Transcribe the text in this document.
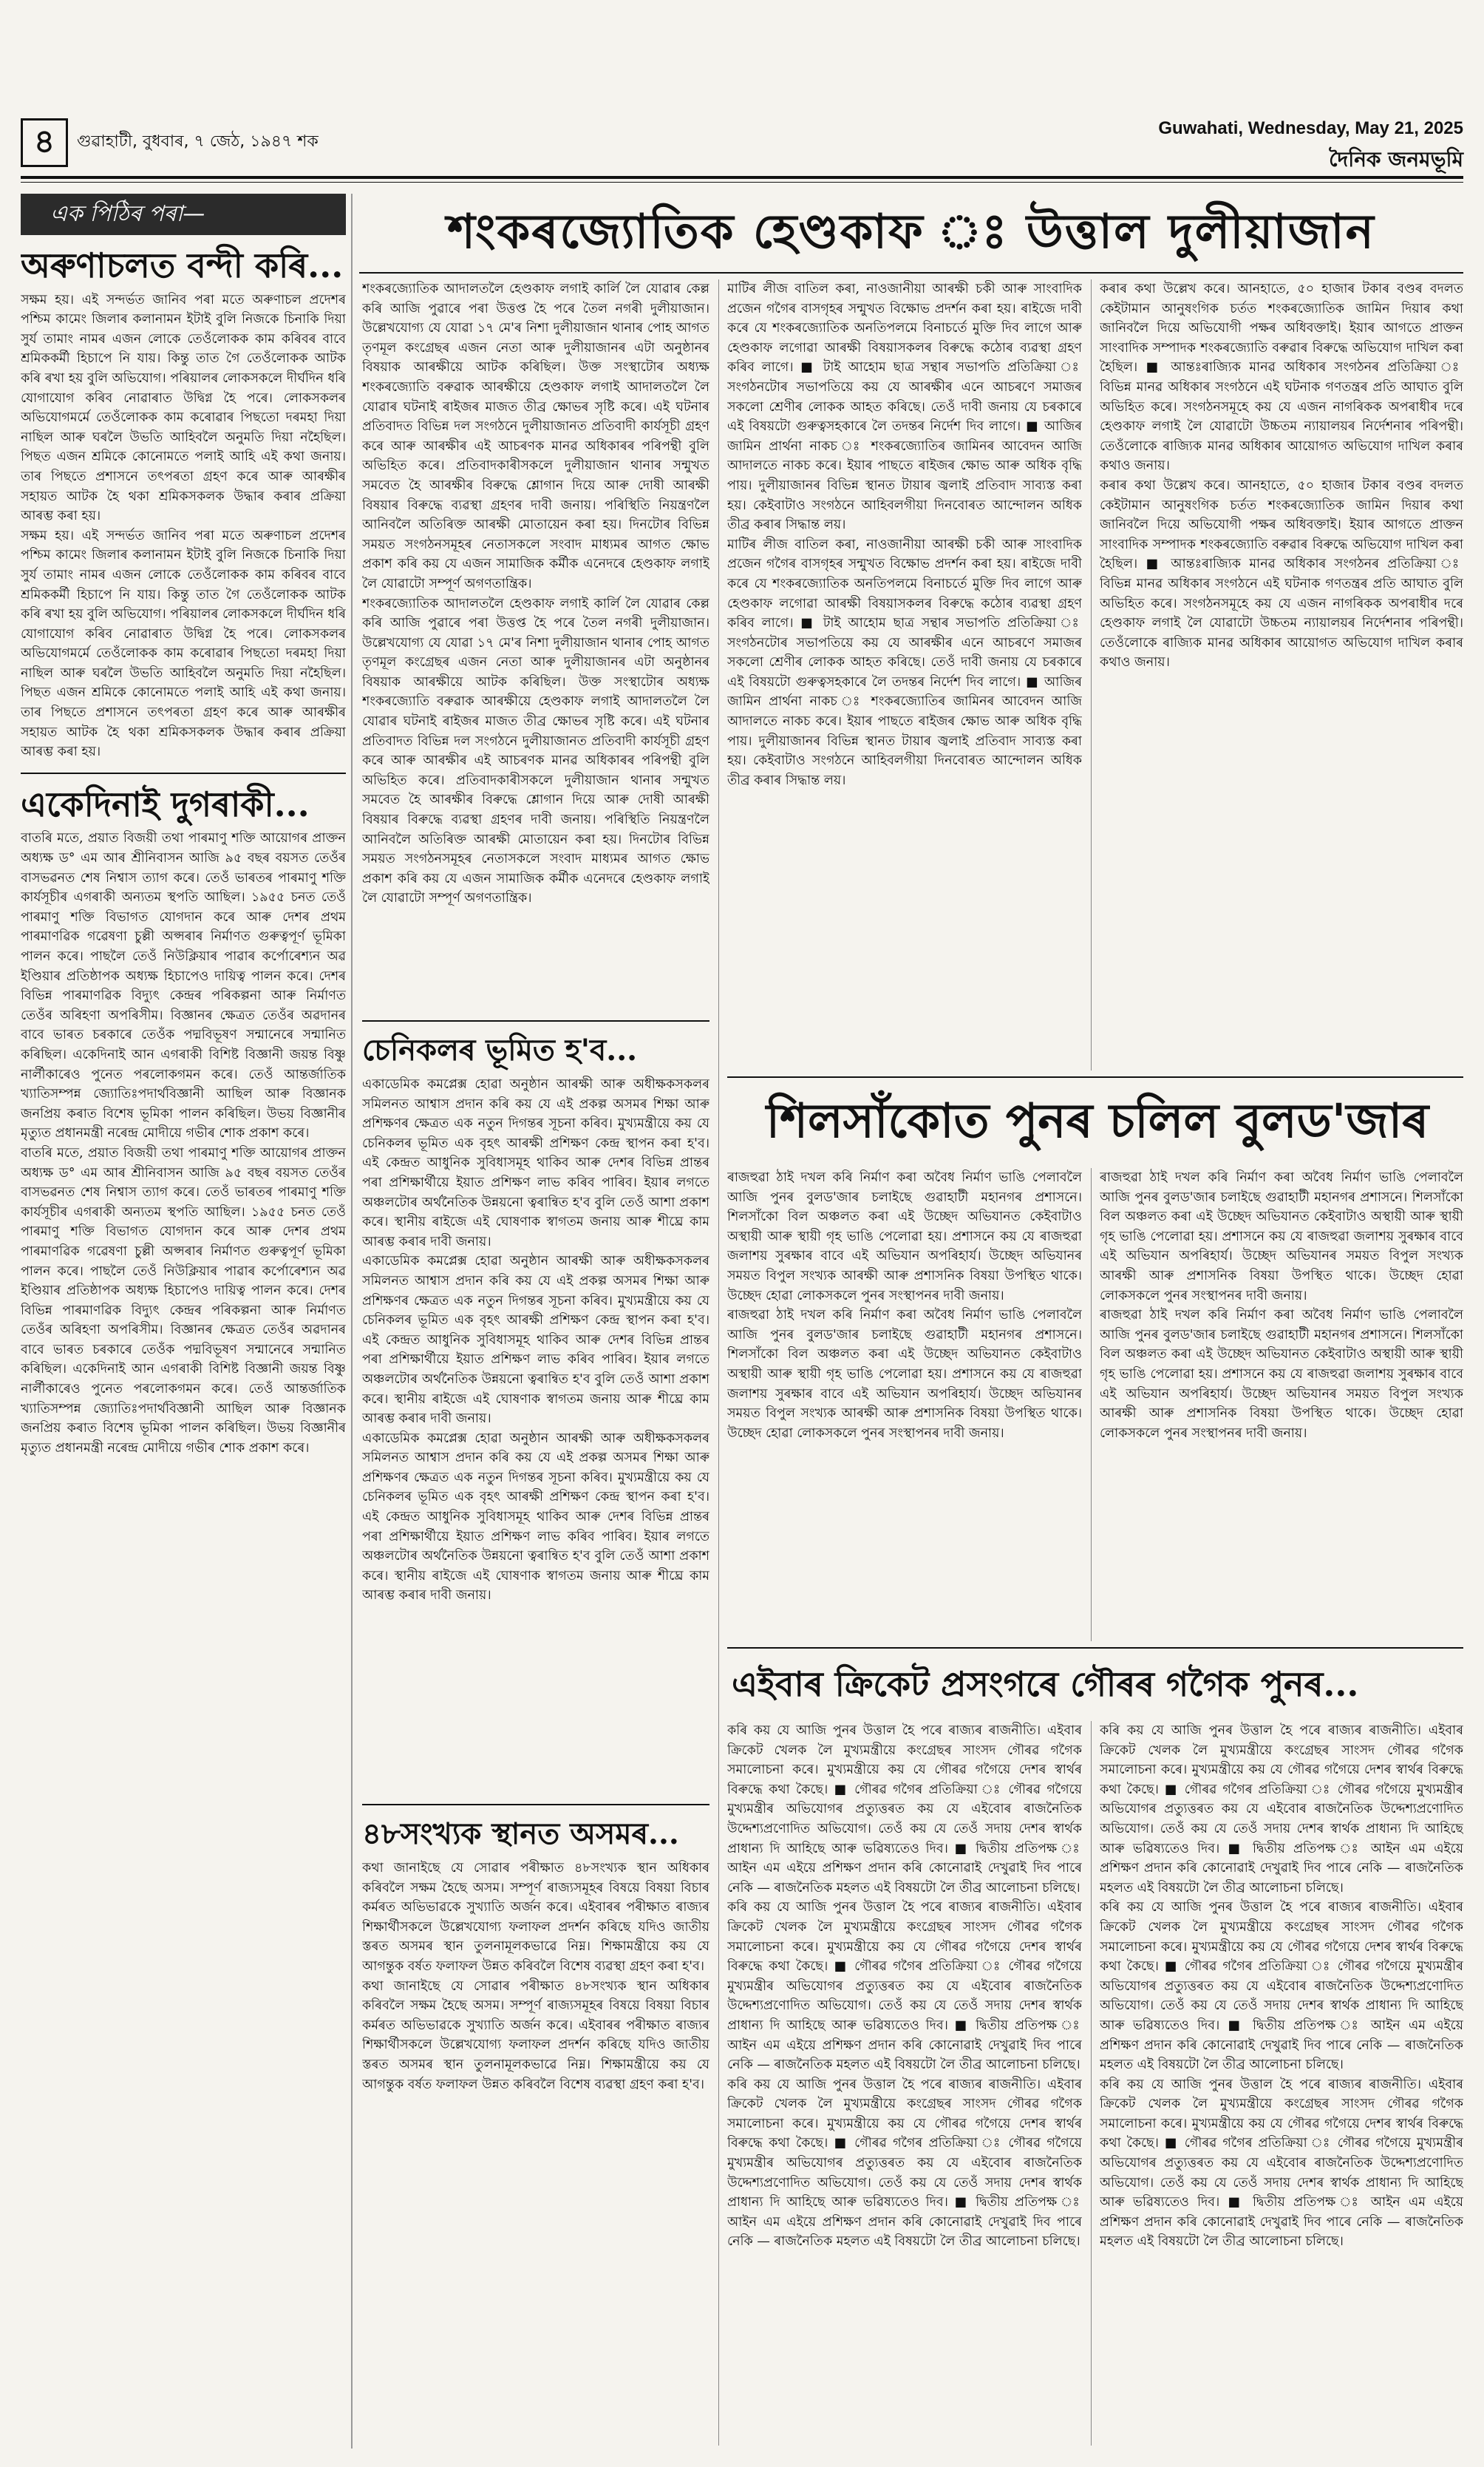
৪	গুৱাহাটী, বুধবাৰ, ৭ জেঠ, ১৯৪৭ শক
Guwahati, Wednesday, May 21, 2025
দৈনিক জনমভূমি
এক পিঠিৰ পৰা—
অৰুণাচলত বন্দী কৰি...

সক্ষম হয়। এই সন্দৰ্ভত জানিব পৰা মতে অৰুণাচল প্ৰদেশৰ পশ্চিম কামেং জিলাৰ কলানামন ইটাই বুলি নিজকে চিনাকি দিয়া সুৰ্য তামাং নামৰ এজন লোকে তেওঁলোকক কাম কৰিবৰ বাবে শ্ৰমিককৰ্মী হিচাপে নি যায়। কিন্তু তাত গৈ তেওঁলোকক আটক কৰি ৰখা হয় বুলি অভিযোগ। পৰিয়ালৰ লোকসকলে দীৰ্ঘদিন ধৰি যোগাযোগ কৰিব নোৱাৰাত উদ্বিগ্ন হৈ পৰে। লোকসকলৰ অভিযোগমৰ্মে তেওঁলোকক কাম কৰোৱাৰ পিছতো দৰমহা দিয়া নাছিল আৰু ঘৰলৈ উভতি আহিবলৈ অনুমতি দিয়া নহৈছিল। পিছত এজন শ্ৰমিকে কোনোমতে পলাই আহি এই কথা জনায়। তাৰ পিছতে প্ৰশাসনে তৎপৰতা গ্ৰহণ কৰে আৰু আৰক্ষীৰ সহায়ত আটক হৈ থকা শ্ৰমিকসকলক উদ্ধাৰ কৰাৰ প্ৰক্ৰিয়া আৰম্ভ কৰা হয়।

সক্ষম হয়। এই সন্দৰ্ভত জানিব পৰা মতে অৰুণাচল প্ৰদেশৰ পশ্চিম কামেং জিলাৰ কলানামন ইটাই বুলি নিজকে চিনাকি দিয়া সুৰ্য তামাং নামৰ এজন লোকে তেওঁলোকক কাম কৰিবৰ বাবে শ্ৰমিককৰ্মী হিচাপে নি যায়। কিন্তু তাত গৈ তেওঁলোকক আটক কৰি ৰখা হয় বুলি অভিযোগ। পৰিয়ালৰ লোকসকলে দীৰ্ঘদিন ধৰি যোগাযোগ কৰিব নোৱাৰাত উদ্বিগ্ন হৈ পৰে। লোকসকলৰ অভিযোগমৰ্মে তেওঁলোকক কাম কৰোৱাৰ পিছতো দৰমহা দিয়া নাছিল আৰু ঘৰলৈ উভতি আহিবলৈ অনুমতি দিয়া নহৈছিল। পিছত এজন শ্ৰমিকে কোনোমতে পলাই আহি এই কথা জনায়। তাৰ পিছতে প্ৰশাসনে তৎপৰতা গ্ৰহণ কৰে আৰু আৰক্ষীৰ সহায়ত আটক হৈ থকা শ্ৰমিকসকলক উদ্ধাৰ কৰাৰ প্ৰক্ৰিয়া আৰম্ভ কৰা হয়।

একেদিনাই দুগৰাকী...

বাতৰি মতে, প্ৰয়াত বিজয়ী তথা পাৰমাণু শক্তি আয়োগৰ প্ৰাক্তন অধ্যক্ষ ড° এম আৰ শ্ৰীনিবাসন আজি ৯৫ বছৰ বয়সত তেওঁৰ বাসভৱনত শেষ নিশ্বাস ত্যাগ কৰে। তেওঁ ভাৰতৰ পাৰমাণু শক্তি কাৰ্যসূচীৰ এগৰাকী অন্যতম স্থপতি আছিল। ১৯৫৫ চনত তেওঁ পাৰমাণু শক্তি বিভাগত যোগদান কৰে আৰু দেশৰ প্ৰথম পাৰমাণৱিক গৱেষণা চুল্লী অপ্সৰাৰ নিৰ্মাণত গুৰুত্বপূৰ্ণ ভূমিকা পালন কৰে। পাছলৈ তেওঁ নিউক্লিয়াৰ পাৱাৰ কৰ্পোৰেশ্যন অৱ ইণ্ডিয়াৰ প্ৰতিষ্ঠাপক অধ্যক্ষ হিচাপেও দায়িত্ব পালন কৰে। দেশৰ বিভিন্ন পাৰমাণৱিক বিদ্যুৎ কেন্দ্ৰৰ পৰিকল্পনা আৰু নিৰ্মাণত তেওঁৰ অৰিহণা অপৰিসীম। বিজ্ঞানৰ ক্ষেত্ৰত তেওঁৰ অৱদানৰ বাবে ভাৰত চৰকাৰে তেওঁক পদ্মবিভূষণ সন্মানেৰে সন্মানিত কৰিছিল। একেদিনাই আন এগৰাকী বিশিষ্ট বিজ্ঞানী জয়ন্ত বিষ্ণু নাৰ্লীকাৰেও পুনেত পৰলোকগমন কৰে। তেওঁ আন্তৰ্জাতিক খ্যাতিসম্পন্ন জ্যোতিঃপদাৰ্থবিজ্ঞানী আছিল আৰু বিজ্ঞানক জনপ্ৰিয় কৰাত বিশেষ ভূমিকা পালন কৰিছিল। উভয় বিজ্ঞানীৰ মৃত্যুত প্ৰধানমন্ত্ৰী নৰেন্দ্ৰ মোদীয়ে গভীৰ শোক প্ৰকাশ কৰে।

বাতৰি মতে, প্ৰয়াত বিজয়ী তথা পাৰমাণু শক্তি আয়োগৰ প্ৰাক্তন অধ্যক্ষ ড° এম আৰ শ্ৰীনিবাসন আজি ৯৫ বছৰ বয়সত তেওঁৰ বাসভৱনত শেষ নিশ্বাস ত্যাগ কৰে। তেওঁ ভাৰতৰ পাৰমাণু শক্তি কাৰ্যসূচীৰ এগৰাকী অন্যতম স্থপতি আছিল। ১৯৫৫ চনত তেওঁ পাৰমাণু শক্তি বিভাগত যোগদান কৰে আৰু দেশৰ প্ৰথম পাৰমাণৱিক গৱেষণা চুল্লী অপ্সৰাৰ নিৰ্মাণত গুৰুত্বপূৰ্ণ ভূমিকা পালন কৰে। পাছলৈ তেওঁ নিউক্লিয়াৰ পাৱাৰ কৰ্পোৰেশ্যন অৱ ইণ্ডিয়াৰ প্ৰতিষ্ঠাপক অধ্যক্ষ হিচাপেও দায়িত্ব পালন কৰে। দেশৰ বিভিন্ন পাৰমাণৱিক বিদ্যুৎ কেন্দ্ৰৰ পৰিকল্পনা আৰু নিৰ্মাণত তেওঁৰ অৰিহণা অপৰিসীম। বিজ্ঞানৰ ক্ষেত্ৰত তেওঁৰ অৱদানৰ বাবে ভাৰত চৰকাৰে তেওঁক পদ্মবিভূষণ সন্মানেৰে সন্মানিত কৰিছিল। একেদিনাই আন এগৰাকী বিশিষ্ট বিজ্ঞানী জয়ন্ত বিষ্ণু নাৰ্লীকাৰেও পুনেত পৰলোকগমন কৰে। তেওঁ আন্তৰ্জাতিক খ্যাতিসম্পন্ন জ্যোতিঃপদাৰ্থবিজ্ঞানী আছিল আৰু বিজ্ঞানক জনপ্ৰিয় কৰাত বিশেষ ভূমিকা পালন কৰিছিল। উভয় বিজ্ঞানীৰ মৃত্যুত প্ৰধানমন্ত্ৰী নৰেন্দ্ৰ মোদীয়ে গভীৰ শোক প্ৰকাশ কৰে।

শংকৰজ্যোতিক হেণ্ডকাফ ঃ উত্তাল দুলীয়াজান

শংকৰজ্যোতিক আদালতলৈ হেণ্ডকাফ লগাই কাৰ্লি লৈ যোৱাৰ কেল্ল কৰি আজি পুৱাৰে পৰা উত্তপ্ত হৈ পৰে তৈল নগৰী দুলীয়াজান। উল্লেখযোগ্য যে যোৱা ১৭ মে'ৰ নিশা দুলীয়াজান থানাৰ পোহ আগত তৃণমূল কংগ্ৰেছৰ এজন নেতা আৰু দুলীয়াজানৰ এটা অনুষ্ঠানৰ বিষয়াক আৰক্ষীয়ে আটক কৰিছিল। উক্ত সংস্থাটোৰ অধ্যক্ষ শংকৰজ্যোতি বৰুৱাক আৰক্ষীয়ে হেণ্ডকাফ লগাই আদালতলৈ লৈ যোৱাৰ ঘটনাই ৰাইজৰ মাজত তীব্ৰ ক্ষোভৰ সৃষ্টি কৰে। এই ঘটনাৰ প্ৰতিবাদত বিভিন্ন দল সংগঠনে দুলীয়াজানত প্ৰতিবাদী কাৰ্যসূচী গ্ৰহণ কৰে আৰু আৰক্ষীৰ এই আচৰণক মানৱ অধিকাৰৰ পৰিপন্থী বুলি অভিহিত কৰে। প্ৰতিবাদকাৰীসকলে দুলীয়াজান থানাৰ সন্মুখত সমবেত হৈ আৰক্ষীৰ বিৰুদ্ধে শ্লোগান দিয়ে আৰু দোষী আৰক্ষী বিষয়াৰ বিৰুদ্ধে ব্যৱস্থা গ্ৰহণৰ দাবী জনায়। পৰিস্থিতি নিয়ন্ত্ৰণলৈ আনিবলৈ অতিৰিক্ত আৰক্ষী মোতায়েন কৰা হয়। দিনটোৰ বিভিন্ন সময়ত সংগঠনসমূহৰ নেতাসকলে সংবাদ মাধ্যমৰ আগত ক্ষোভ প্ৰকাশ কৰি কয় যে এজন সামাজিক কৰ্মীক এনেদৰে হেণ্ডকাফ লগাই লৈ যোৱাটো সম্পূৰ্ণ অগণতান্ত্ৰিক।

শংকৰজ্যোতিক আদালতলৈ হেণ্ডকাফ লগাই কাৰ্লি লৈ যোৱাৰ কেল্ল কৰি আজি পুৱাৰে পৰা উত্তপ্ত হৈ পৰে তৈল নগৰী দুলীয়াজান। উল্লেখযোগ্য যে যোৱা ১৭ মে'ৰ নিশা দুলীয়াজান থানাৰ পোহ আগত তৃণমূল কংগ্ৰেছৰ এজন নেতা আৰু দুলীয়াজানৰ এটা অনুষ্ঠানৰ বিষয়াক আৰক্ষীয়ে আটক কৰিছিল। উক্ত সংস্থাটোৰ অধ্যক্ষ শংকৰজ্যোতি বৰুৱাক আৰক্ষীয়ে হেণ্ডকাফ লগাই আদালতলৈ লৈ যোৱাৰ ঘটনাই ৰাইজৰ মাজত তীব্ৰ ক্ষোভৰ সৃষ্টি কৰে। এই ঘটনাৰ প্ৰতিবাদত বিভিন্ন দল সংগঠনে দুলীয়াজানত প্ৰতিবাদী কাৰ্যসূচী গ্ৰহণ কৰে আৰু আৰক্ষীৰ এই আচৰণক মানৱ অধিকাৰৰ পৰিপন্থী বুলি অভিহিত কৰে। প্ৰতিবাদকাৰীসকলে দুলীয়াজান থানাৰ সন্মুখত সমবেত হৈ আৰক্ষীৰ বিৰুদ্ধে শ্লোগান দিয়ে আৰু দোষী আৰক্ষী বিষয়াৰ বিৰুদ্ধে ব্যৱস্থা গ্ৰহণৰ দাবী জনায়। পৰিস্থিতি নিয়ন্ত্ৰণলৈ আনিবলৈ অতিৰিক্ত আৰক্ষী মোতায়েন কৰা হয়। দিনটোৰ বিভিন্ন সময়ত সংগঠনসমূহৰ নেতাসকলে সংবাদ মাধ্যমৰ আগত ক্ষোভ প্ৰকাশ কৰি কয় যে এজন সামাজিক কৰ্মীক এনেদৰে হেণ্ডকাফ লগাই লৈ যোৱাটো সম্পূৰ্ণ অগণতান্ত্ৰিক।

মাটিৰ লীজ বাতিল কৰা, নাওজানীয়া আৰক্ষী চকী আৰু সাংবাদিক প্ৰজেন গগৈৰ বাসগৃহৰ সন্মুখত বিক্ষোভ প্ৰদৰ্শন কৰা হয়। ৰাইজে দাবী কৰে যে শংকৰজ্যোতিক অনতিপলমে বিনাচৰ্তে মুক্তি দিব লাগে আৰু হেণ্ডকাফ লগোৱা আৰক্ষী বিষয়াসকলৰ বিৰুদ্ধে কঠোৰ ব্যৱস্থা গ্ৰহণ কৰিব লাগে। ■ টাই আহোম ছাত্ৰ সন্থাৰ সভাপতি প্ৰতিক্ৰিয়া ঃ সংগঠনটোৰ সভাপতিয়ে কয় যে আৰক্ষীৰ এনে আচৰণে সমাজৰ সকলো শ্ৰেণীৰ লোকক আহত কৰিছে। তেওঁ দাবী জনায় যে চৰকাৰে এই বিষয়টো গুৰুত্বসহকাৰে লৈ তদন্তৰ নিৰ্দেশ দিব লাগে। ■ আজিৰ জামিন প্ৰাৰ্থনা নাকচ ঃ শংকৰজ্যোতিৰ জামিনৰ আবেদন আজি আদালতে নাকচ কৰে। ইয়াৰ পাছতে ৰাইজৰ ক্ষোভ আৰু অধিক বৃদ্ধি পায়। দুলীয়াজানৰ বিভিন্ন স্থানত টায়াৰ জ্বলাই প্ৰতিবাদ সাব্যস্ত কৰা হয়। কেইবাটাও সংগঠনে আহিবলগীয়া দিনবোৰত আন্দোলন অধিক তীব্ৰ কৰাৰ সিদ্ধান্ত লয়।

মাটিৰ লীজ বাতিল কৰা, নাওজানীয়া আৰক্ষী চকী আৰু সাংবাদিক প্ৰজেন গগৈৰ বাসগৃহৰ সন্মুখত বিক্ষোভ প্ৰদৰ্শন কৰা হয়। ৰাইজে দাবী কৰে যে শংকৰজ্যোতিক অনতিপলমে বিনাচৰ্তে মুক্তি দিব লাগে আৰু হেণ্ডকাফ লগোৱা আৰক্ষী বিষয়াসকলৰ বিৰুদ্ধে কঠোৰ ব্যৱস্থা গ্ৰহণ কৰিব লাগে। ■ টাই আহোম ছাত্ৰ সন্থাৰ সভাপতি প্ৰতিক্ৰিয়া ঃ সংগঠনটোৰ সভাপতিয়ে কয় যে আৰক্ষীৰ এনে আচৰণে সমাজৰ সকলো শ্ৰেণীৰ লোকক আহত কৰিছে। তেওঁ দাবী জনায় যে চৰকাৰে এই বিষয়টো গুৰুত্বসহকাৰে লৈ তদন্তৰ নিৰ্দেশ দিব লাগে। ■ আজিৰ জামিন প্ৰাৰ্থনা নাকচ ঃ শংকৰজ্যোতিৰ জামিনৰ আবেদন আজি আদালতে নাকচ কৰে। ইয়াৰ পাছতে ৰাইজৰ ক্ষোভ আৰু অধিক বৃদ্ধি পায়। দুলীয়াজানৰ বিভিন্ন স্থানত টায়াৰ জ্বলাই প্ৰতিবাদ সাব্যস্ত কৰা হয়। কেইবাটাও সংগঠনে আহিবলগীয়া দিনবোৰত আন্দোলন অধিক তীব্ৰ কৰাৰ সিদ্ধান্ত লয়।

কৰাৰ কথা উল্লেখ কৰে। আনহাতে, ৫০ হাজাৰ টকাৰ বণ্ডৰ বদলত কেইটামান আনুষংগিক চৰ্তত শংকৰজ্যোতিক জামিন দিয়াৰ কথা জানিবলৈ দিয়ে অভিযোগী পক্ষৰ অধিবক্তাই। ইয়াৰ আগতে প্ৰাক্তন সাংবাদিক সম্পাদক শংকৰজ্যোতি বৰুৱাৰ বিৰুদ্ধে অভিযোগ দাখিল কৰা হৈছিল। ■ আন্তঃৰাজ্যিক মানৱ অধিকাৰ সংগঠনৰ প্ৰতিক্ৰিয়া ঃ বিভিন্ন মানৱ অধিকাৰ সংগঠনে এই ঘটনাক গণতন্ত্ৰৰ প্ৰতি আঘাত বুলি অভিহিত কৰে। সংগঠনসমূহে কয় যে এজন নাগৰিকক অপৰাধীৰ দৰে হেণ্ডকাফ লগাই লৈ যোৱাটো উচ্চতম ন্যায়ালয়ৰ নিৰ্দেশনাৰ পৰিপন্থী। তেওঁলোকে ৰাজ্যিক মানৱ অধিকাৰ আয়োগত অভিযোগ দাখিল কৰাৰ কথাও জনায়।

কৰাৰ কথা উল্লেখ কৰে। আনহাতে, ৫০ হাজাৰ টকাৰ বণ্ডৰ বদলত কেইটামান আনুষংগিক চৰ্তত শংকৰজ্যোতিক জামিন দিয়াৰ কথা জানিবলৈ দিয়ে অভিযোগী পক্ষৰ অধিবক্তাই। ইয়াৰ আগতে প্ৰাক্তন সাংবাদিক সম্পাদক শংকৰজ্যোতি বৰুৱাৰ বিৰুদ্ধে অভিযোগ দাখিল কৰা হৈছিল। ■ আন্তঃৰাজ্যিক মানৱ অধিকাৰ সংগঠনৰ প্ৰতিক্ৰিয়া ঃ বিভিন্ন মানৱ অধিকাৰ সংগঠনে এই ঘটনাক গণতন্ত্ৰৰ প্ৰতি আঘাত বুলি অভিহিত কৰে। সংগঠনসমূহে কয় যে এজন নাগৰিকক অপৰাধীৰ দৰে হেণ্ডকাফ লগাই লৈ যোৱাটো উচ্চতম ন্যায়ালয়ৰ নিৰ্দেশনাৰ পৰিপন্থী। তেওঁলোকে ৰাজ্যিক মানৱ অধিকাৰ আয়োগত অভিযোগ দাখিল কৰাৰ কথাও জনায়।

চেনিকলৰ ভূমিত হ'ব...

একাডেমিক কমপ্লেক্স হোৱা অনুষ্ঠান আৰক্ষী আৰু অধীক্ষকসকলৰ সমিলনত আশ্বাস প্ৰদান কৰি কয় যে এই প্ৰকল্প অসমৰ শিক্ষা আৰু প্ৰশিক্ষণৰ ক্ষেত্ৰত এক নতুন দিগন্তৰ সূচনা কৰিব। মুখ্যমন্ত্ৰীয়ে কয় যে চেনিকলৰ ভূমিত এক বৃহৎ আৰক্ষী প্ৰশিক্ষণ কেন্দ্ৰ স্থাপন কৰা হ'ব। এই কেন্দ্ৰত আধুনিক সুবিধাসমূহ থাকিব আৰু দেশৰ বিভিন্ন প্ৰান্তৰ পৰা প্ৰশিক্ষাৰ্থীয়ে ইয়াত প্ৰশিক্ষণ লাভ কৰিব পাৰিব। ইয়াৰ লগতে অঞ্চলটোৰ অৰ্থনৈতিক উন্নয়নো ত্বৰান্বিত হ'ব বুলি তেওঁ আশা প্ৰকাশ কৰে। স্থানীয় ৰাইজে এই ঘোষণাক স্বাগতম জনায় আৰু শীঘ্ৰে কাম আৰম্ভ কৰাৰ দাবী জনায়।

একাডেমিক কমপ্লেক্স হোৱা অনুষ্ঠান আৰক্ষী আৰু অধীক্ষকসকলৰ সমিলনত আশ্বাস প্ৰদান কৰি কয় যে এই প্ৰকল্প অসমৰ শিক্ষা আৰু প্ৰশিক্ষণৰ ক্ষেত্ৰত এক নতুন দিগন্তৰ সূচনা কৰিব। মুখ্যমন্ত্ৰীয়ে কয় যে চেনিকলৰ ভূমিত এক বৃহৎ আৰক্ষী প্ৰশিক্ষণ কেন্দ্ৰ স্থাপন কৰা হ'ব। এই কেন্দ্ৰত আধুনিক সুবিধাসমূহ থাকিব আৰু দেশৰ বিভিন্ন প্ৰান্তৰ পৰা প্ৰশিক্ষাৰ্থীয়ে ইয়াত প্ৰশিক্ষণ লাভ কৰিব পাৰিব। ইয়াৰ লগতে অঞ্চলটোৰ অৰ্থনৈতিক উন্নয়নো ত্বৰান্বিত হ'ব বুলি তেওঁ আশা প্ৰকাশ কৰে। স্থানীয় ৰাইজে এই ঘোষণাক স্বাগতম জনায় আৰু শীঘ্ৰে কাম আৰম্ভ কৰাৰ দাবী জনায়।

একাডেমিক কমপ্লেক্স হোৱা অনুষ্ঠান আৰক্ষী আৰু অধীক্ষকসকলৰ সমিলনত আশ্বাস প্ৰদান কৰি কয় যে এই প্ৰকল্প অসমৰ শিক্ষা আৰু প্ৰশিক্ষণৰ ক্ষেত্ৰত এক নতুন দিগন্তৰ সূচনা কৰিব। মুখ্যমন্ত্ৰীয়ে কয় যে চেনিকলৰ ভূমিত এক বৃহৎ আৰক্ষী প্ৰশিক্ষণ কেন্দ্ৰ স্থাপন কৰা হ'ব। এই কেন্দ্ৰত আধুনিক সুবিধাসমূহ থাকিব আৰু দেশৰ বিভিন্ন প্ৰান্তৰ পৰা প্ৰশিক্ষাৰ্থীয়ে ইয়াত প্ৰশিক্ষণ লাভ কৰিব পাৰিব। ইয়াৰ লগতে অঞ্চলটোৰ অৰ্থনৈতিক উন্নয়নো ত্বৰান্বিত হ'ব বুলি তেওঁ আশা প্ৰকাশ কৰে। স্থানীয় ৰাইজে এই ঘোষণাক স্বাগতম জনায় আৰু শীঘ্ৰে কাম আৰম্ভ কৰাৰ দাবী জনায়।

৪৮সংখ্যক স্থানত অসমৰ...

কথা জানাইছে যে সোৱাৰ পৰীক্ষাত ৪৮সংখ্যক স্থান অধিকাৰ কৰিবলৈ সক্ষম হৈছে অসম। সম্পূৰ্ণ ৰাজ্যসমূহৰ বিষয়ে বিষয়া বিচাৰ কৰ্মৰত অভিভাৱকে সুখ্যাতি অৰ্জন কৰে। এইবাৰৰ পৰীক্ষাত ৰাজ্যৰ শিক্ষাৰ্থীসকলে উল্লেখযোগ্য ফলাফল প্ৰদৰ্শন কৰিছে যদিও জাতীয় স্তৰত অসমৰ স্থান তুলনামূলকভাৱে নিম্ন। শিক্ষামন্ত্ৰীয়ে কয় যে আগন্তুক বৰ্ষত ফলাফল উন্নত কৰিবলৈ বিশেষ ব্যৱস্থা গ্ৰহণ কৰা হ'ব।

কথা জানাইছে যে সোৱাৰ পৰীক্ষাত ৪৮সংখ্যক স্থান অধিকাৰ কৰিবলৈ সক্ষম হৈছে অসম। সম্পূৰ্ণ ৰাজ্যসমূহৰ বিষয়ে বিষয়া বিচাৰ কৰ্মৰত অভিভাৱকে সুখ্যাতি অৰ্জন কৰে। এইবাৰৰ পৰীক্ষাত ৰাজ্যৰ শিক্ষাৰ্থীসকলে উল্লেখযোগ্য ফলাফল প্ৰদৰ্শন কৰিছে যদিও জাতীয় স্তৰত অসমৰ স্থান তুলনামূলকভাৱে নিম্ন। শিক্ষামন্ত্ৰীয়ে কয় যে আগন্তুক বৰ্ষত ফলাফল উন্নত কৰিবলৈ বিশেষ ব্যৱস্থা গ্ৰহণ কৰা হ'ব।

শিলসাঁকোত পুনৰ চলিল বুলড'জাৰ

ৰাজহুৱা ঠাই দখল কৰি নিৰ্মাণ কৰা অবৈধ নিৰ্মাণ ভাঙি পেলাবলৈ আজি পুনৰ বুলড'জাৰ চলাইছে গুৱাহাটী মহানগৰ প্ৰশাসনে। শিলসাঁকো বিল অঞ্চলত কৰা এই উচ্ছেদ অভিযানত কেইবাটাও অস্থায়ী আৰু স্থায়ী গৃহ ভাঙি পেলোৱা হয়। প্ৰশাসনে কয় যে ৰাজহুৱা জলাশয় সুৰক্ষাৰ বাবে এই অভিযান অপৰিহাৰ্য। উচ্ছেদ অভিযানৰ সময়ত বিপুল সংখ্যক আৰক্ষী আৰু প্ৰশাসনিক বিষয়া উপস্থিত থাকে। উচ্ছেদ হোৱা লোকসকলে পুনৰ সংস্থাপনৰ দাবী জনায়।

ৰাজহুৱা ঠাই দখল কৰি নিৰ্মাণ কৰা অবৈধ নিৰ্মাণ ভাঙি পেলাবলৈ আজি পুনৰ বুলড'জাৰ চলাইছে গুৱাহাটী মহানগৰ প্ৰশাসনে। শিলসাঁকো বিল অঞ্চলত কৰা এই উচ্ছেদ অভিযানত কেইবাটাও অস্থায়ী আৰু স্থায়ী গৃহ ভাঙি পেলোৱা হয়। প্ৰশাসনে কয় যে ৰাজহুৱা জলাশয় সুৰক্ষাৰ বাবে এই অভিযান অপৰিহাৰ্য। উচ্ছেদ অভিযানৰ সময়ত বিপুল সংখ্যক আৰক্ষী আৰু প্ৰশাসনিক বিষয়া উপস্থিত থাকে। উচ্ছেদ হোৱা লোকসকলে পুনৰ সংস্থাপনৰ দাবী জনায়।

ৰাজহুৱা ঠাই দখল কৰি নিৰ্মাণ কৰা অবৈধ নিৰ্মাণ ভাঙি পেলাবলৈ আজি পুনৰ বুলড'জাৰ চলাইছে গুৱাহাটী মহানগৰ প্ৰশাসনে। শিলসাঁকো বিল অঞ্চলত কৰা এই উচ্ছেদ অভিযানত কেইবাটাও অস্থায়ী আৰু স্থায়ী গৃহ ভাঙি পেলোৱা হয়। প্ৰশাসনে কয় যে ৰাজহুৱা জলাশয় সুৰক্ষাৰ বাবে এই অভিযান অপৰিহাৰ্য। উচ্ছেদ অভিযানৰ সময়ত বিপুল সংখ্যক আৰক্ষী আৰু প্ৰশাসনিক বিষয়া উপস্থিত থাকে। উচ্ছেদ হোৱা লোকসকলে পুনৰ সংস্থাপনৰ দাবী জনায়।

ৰাজহুৱা ঠাই দখল কৰি নিৰ্মাণ কৰা অবৈধ নিৰ্মাণ ভাঙি পেলাবলৈ আজি পুনৰ বুলড'জাৰ চলাইছে গুৱাহাটী মহানগৰ প্ৰশাসনে। শিলসাঁকো বিল অঞ্চলত কৰা এই উচ্ছেদ অভিযানত কেইবাটাও অস্থায়ী আৰু স্থায়ী গৃহ ভাঙি পেলোৱা হয়। প্ৰশাসনে কয় যে ৰাজহুৱা জলাশয় সুৰক্ষাৰ বাবে এই অভিযান অপৰিহাৰ্য। উচ্ছেদ অভিযানৰ সময়ত বিপুল সংখ্যক আৰক্ষী আৰু প্ৰশাসনিক বিষয়া উপস্থিত থাকে। উচ্ছেদ হোৱা লোকসকলে পুনৰ সংস্থাপনৰ দাবী জনায়।

এইবাৰ ক্ৰিকেট প্ৰসংগৰে গৌৰৰ গগৈক পুনৰ...

কৰি কয় যে আজি পুনৰ উত্তাল হৈ পৰে ৰাজ্যৰ ৰাজনীতি। এইবাৰ ক্ৰিকেট খেলক লৈ মুখ্যমন্ত্ৰীয়ে কংগ্ৰেছৰ সাংসদ গৌৰৱ গগৈক সমালোচনা কৰে। মুখ্যমন্ত্ৰীয়ে কয় যে গৌৰৱ গগৈয়ে দেশৰ স্বাৰ্থৰ বিৰুদ্ধে কথা কৈছে। ■ গৌৰৱ গগৈৰ প্ৰতিক্ৰিয়া ঃ গৌৰৱ গগৈয়ে মুখ্যমন্ত্ৰীৰ অভিযোগৰ প্ৰত্যুত্তৰত কয় যে এইবোৰ ৰাজনৈতিক উদ্দেশ্যপ্ৰণোদিত অভিযোগ। তেওঁ কয় যে তেওঁ সদায় দেশৰ স্বাৰ্থক প্ৰাধান্য দি আহিছে আৰু ভৱিষ্যতেও দিব। ■ দ্বিতীয় প্ৰতিপক্ষ ঃ আইন এম এইয়ে প্ৰশিক্ষণ প্ৰদান কৰি কোনোৱাই দেখুৱাই দিব পাৰে নেকি — ৰাজনৈতিক মহলত এই বিষয়টো লৈ তীব্ৰ আলোচনা চলিছে।

কৰি কয় যে আজি পুনৰ উত্তাল হৈ পৰে ৰাজ্যৰ ৰাজনীতি। এইবাৰ ক্ৰিকেট খেলক লৈ মুখ্যমন্ত্ৰীয়ে কংগ্ৰেছৰ সাংসদ গৌৰৱ গগৈক সমালোচনা কৰে। মুখ্যমন্ত্ৰীয়ে কয় যে গৌৰৱ গগৈয়ে দেশৰ স্বাৰ্থৰ বিৰুদ্ধে কথা কৈছে। ■ গৌৰৱ গগৈৰ প্ৰতিক্ৰিয়া ঃ গৌৰৱ গগৈয়ে মুখ্যমন্ত্ৰীৰ অভিযোগৰ প্ৰত্যুত্তৰত কয় যে এইবোৰ ৰাজনৈতিক উদ্দেশ্যপ্ৰণোদিত অভিযোগ। তেওঁ কয় যে তেওঁ সদায় দেশৰ স্বাৰ্থক প্ৰাধান্য দি আহিছে আৰু ভৱিষ্যতেও দিব। ■ দ্বিতীয় প্ৰতিপক্ষ ঃ আইন এম এইয়ে প্ৰশিক্ষণ প্ৰদান কৰি কোনোৱাই দেখুৱাই দিব পাৰে নেকি — ৰাজনৈতিক মহলত এই বিষয়টো লৈ তীব্ৰ আলোচনা চলিছে।

কৰি কয় যে আজি পুনৰ উত্তাল হৈ পৰে ৰাজ্যৰ ৰাজনীতি। এইবাৰ ক্ৰিকেট খেলক লৈ মুখ্যমন্ত্ৰীয়ে কংগ্ৰেছৰ সাংসদ গৌৰৱ গগৈক সমালোচনা কৰে। মুখ্যমন্ত্ৰীয়ে কয় যে গৌৰৱ গগৈয়ে দেশৰ স্বাৰ্থৰ বিৰুদ্ধে কথা কৈছে। ■ গৌৰৱ গগৈৰ প্ৰতিক্ৰিয়া ঃ গৌৰৱ গগৈয়ে মুখ্যমন্ত্ৰীৰ অভিযোগৰ প্ৰত্যুত্তৰত কয় যে এইবোৰ ৰাজনৈতিক উদ্দেশ্যপ্ৰণোদিত অভিযোগ। তেওঁ কয় যে তেওঁ সদায় দেশৰ স্বাৰ্থক প্ৰাধান্য দি আহিছে আৰু ভৱিষ্যতেও দিব। ■ দ্বিতীয় প্ৰতিপক্ষ ঃ আইন এম এইয়ে প্ৰশিক্ষণ প্ৰদান কৰি কোনোৱাই দেখুৱাই দিব পাৰে নেকি — ৰাজনৈতিক মহলত এই বিষয়টো লৈ তীব্ৰ আলোচনা চলিছে।

কৰি কয় যে আজি পুনৰ উত্তাল হৈ পৰে ৰাজ্যৰ ৰাজনীতি। এইবাৰ ক্ৰিকেট খেলক লৈ মুখ্যমন্ত্ৰীয়ে কংগ্ৰেছৰ সাংসদ গৌৰৱ গগৈক সমালোচনা কৰে। মুখ্যমন্ত্ৰীয়ে কয় যে গৌৰৱ গগৈয়ে দেশৰ স্বাৰ্থৰ বিৰুদ্ধে কথা কৈছে। ■ গৌৰৱ গগৈৰ প্ৰতিক্ৰিয়া ঃ গৌৰৱ গগৈয়ে মুখ্যমন্ত্ৰীৰ অভিযোগৰ প্ৰত্যুত্তৰত কয় যে এইবোৰ ৰাজনৈতিক উদ্দেশ্যপ্ৰণোদিত অভিযোগ। তেওঁ কয় যে তেওঁ সদায় দেশৰ স্বাৰ্থক প্ৰাধান্য দি আহিছে আৰু ভৱিষ্যতেও দিব। ■ দ্বিতীয় প্ৰতিপক্ষ ঃ আইন এম এইয়ে প্ৰশিক্ষণ প্ৰদান কৰি কোনোৱাই দেখুৱাই দিব পাৰে নেকি — ৰাজনৈতিক মহলত এই বিষয়টো লৈ তীব্ৰ আলোচনা চলিছে।

কৰি কয় যে আজি পুনৰ উত্তাল হৈ পৰে ৰাজ্যৰ ৰাজনীতি। এইবাৰ ক্ৰিকেট খেলক লৈ মুখ্যমন্ত্ৰীয়ে কংগ্ৰেছৰ সাংসদ গৌৰৱ গগৈক সমালোচনা কৰে। মুখ্যমন্ত্ৰীয়ে কয় যে গৌৰৱ গগৈয়ে দেশৰ স্বাৰ্থৰ বিৰুদ্ধে কথা কৈছে। ■ গৌৰৱ গগৈৰ প্ৰতিক্ৰিয়া ঃ গৌৰৱ গগৈয়ে মুখ্যমন্ত্ৰীৰ অভিযোগৰ প্ৰত্যুত্তৰত কয় যে এইবোৰ ৰাজনৈতিক উদ্দেশ্যপ্ৰণোদিত অভিযোগ। তেওঁ কয় যে তেওঁ সদায় দেশৰ স্বাৰ্থক প্ৰাধান্য দি আহিছে আৰু ভৱিষ্যতেও দিব। ■ দ্বিতীয় প্ৰতিপক্ষ ঃ আইন এম এইয়ে প্ৰশিক্ষণ প্ৰদান কৰি কোনোৱাই দেখুৱাই দিব পাৰে নেকি — ৰাজনৈতিক মহলত এই বিষয়টো লৈ তীব্ৰ আলোচনা চলিছে।

কৰি কয় যে আজি পুনৰ উত্তাল হৈ পৰে ৰাজ্যৰ ৰাজনীতি। এইবাৰ ক্ৰিকেট খেলক লৈ মুখ্যমন্ত্ৰীয়ে কংগ্ৰেছৰ সাংসদ গৌৰৱ গগৈক সমালোচনা কৰে। মুখ্যমন্ত্ৰীয়ে কয় যে গৌৰৱ গগৈয়ে দেশৰ স্বাৰ্থৰ বিৰুদ্ধে কথা কৈছে। ■ গৌৰৱ গগৈৰ প্ৰতিক্ৰিয়া ঃ গৌৰৱ গগৈয়ে মুখ্যমন্ত্ৰীৰ অভিযোগৰ প্ৰত্যুত্তৰত কয় যে এইবোৰ ৰাজনৈতিক উদ্দেশ্যপ্ৰণোদিত অভিযোগ। তেওঁ কয় যে তেওঁ সদায় দেশৰ স্বাৰ্থক প্ৰাধান্য দি আহিছে আৰু ভৱিষ্যতেও দিব। ■ দ্বিতীয় প্ৰতিপক্ষ ঃ আইন এম এইয়ে প্ৰশিক্ষণ প্ৰদান কৰি কোনোৱাই দেখুৱাই দিব পাৰে নেকি — ৰাজনৈতিক মহলত এই বিষয়টো লৈ তীব্ৰ আলোচনা চলিছে।
